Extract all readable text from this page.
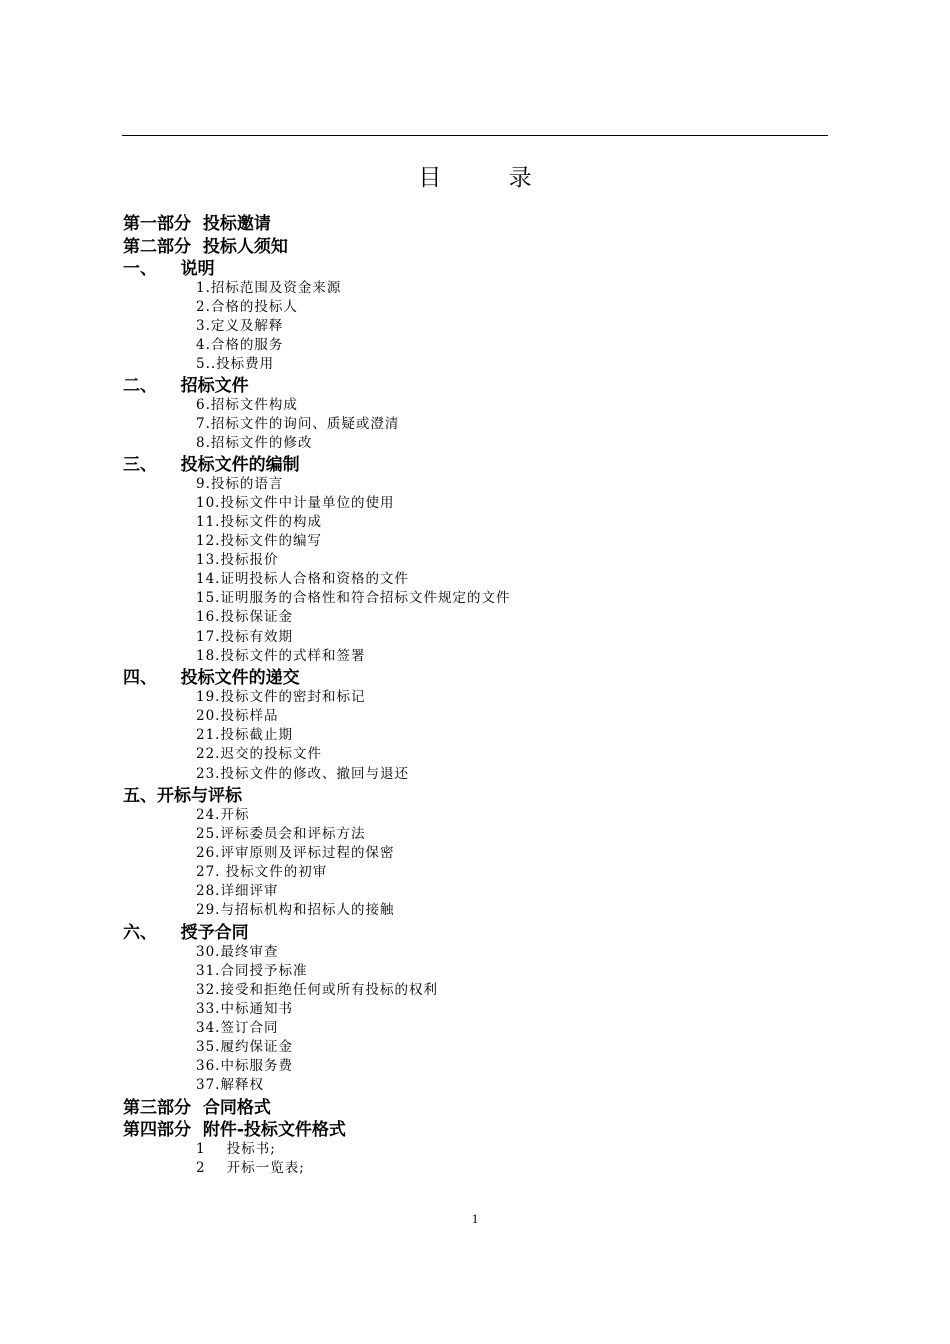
目 录
第一部分  投标邀请
第二部分  投标人须知
一、    说明
1.招标范围及资金来源
2.合格的投标人
3.定义及解释
4.合格的服务
5..投标费用
二、    招标文件
6.招标文件构成
7.招标文件的询问、质疑或澄清
8.招标文件的修改
三、    投标文件的编制
9.投标的语言
10.投标文件中计量单位的使用
11.投标文件的构成
12.投标文件的编写
13.投标报价
14.证明投标人合格和资格的文件
15.证明服务的合格性和符合招标文件规定的文件
16.投标保证金
17.投标有效期
18.投标文件的式样和签署
四、    投标文件的递交
19.投标文件的密封和标记
20.投标样品
21.投标截止期
22.迟交的投标文件
23.投标文件的修改、撤回与退还
五、开标与评标
24.开标
25.评标委员会和评标方法
26.评审原则及评标过程的保密
27. 投标文件的初审
28.详细评审
29.与招标机构和招标人的接触
六、    授予合同
30.最终审查
31.合同授予标准
32.接受和拒绝任何或所有投标的权利
33.中标通知书
34.签订合同
35.履约保证金
36.中标服务费
37.解释权
第三部分  合同格式
第四部分  附件-投标文件格式
1    投标书;
2    开标一览表;
1
